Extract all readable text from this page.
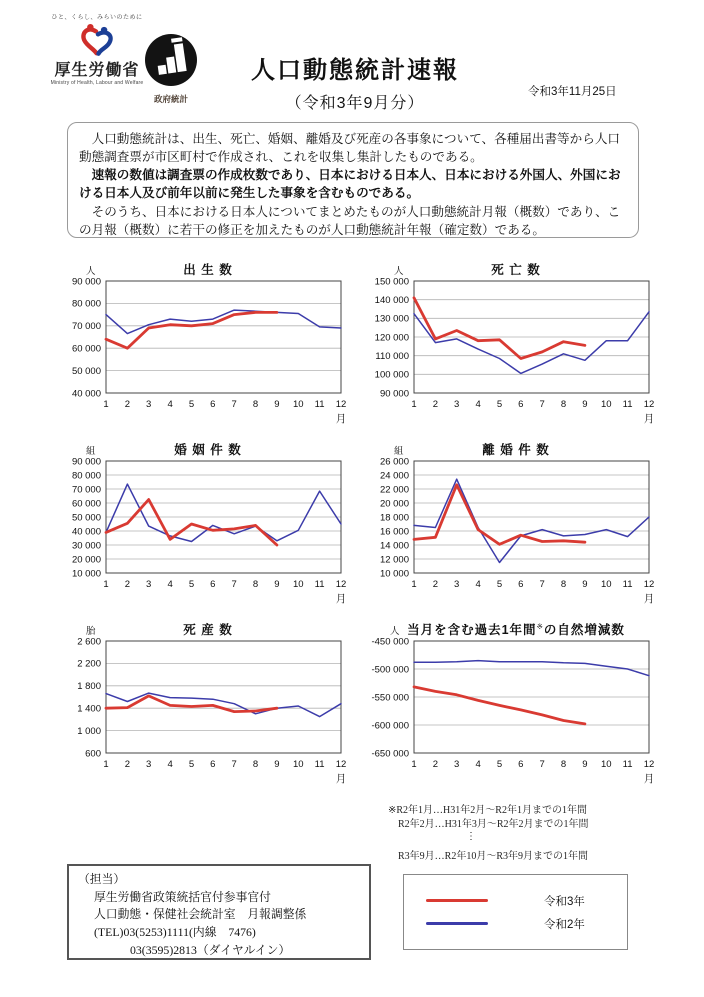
ひと、くらし、みらいのために
厚生労働省
Ministry of Health, Labour and Welfare
政府統計
人口動態統計速報
（令和3年9月分）
令和3年11月25日

　人口動態統計は、出生、死亡、婚姻、離婚及び死産の各事象について、各種届出書等から人口動態調査票が市区町村で作成され、これを収集し集計したものである。

　速報の数値は調査票の作成枚数であり、日本における日本人、日本における外国人、外国における日本人及び前年以前に発生した事象を含むものである。

　そのうち、日本における日本人についてまとめたものが人口動態統計月報（概数）であり、この月報（概数）に若干の修正を加えたものが人口動態統計年報（確定数）である。

人	出 生 数
40 000
50 000
60 000
70 000
80 000
90 000
1 2 3 4 5 6 7 8 9 10 11 12
月
人	死 亡 数
90 000
100 000
110 000
120 000
130 000
140 000
150 000
1 2 3 4 5 6 7 8 9 10 11 12
月
組	婚 姻 件 数
10 000
20 000
30 000
40 000
50 000
60 000
70 000
80 000
90 000
1 2 3 4 5 6 7 8 9 10 11 12
月
組	離 婚 件 数
10 000
12 000
14 000
16 000
18 000
20 000
22 000
24 000
26 000
1 2 3 4 5 6 7 8 9 10 11 12
月
胎	死 産 数
600
1 000
1 400
1 800
2 200
2 600
1 2 3 4 5 6 7 8 9 10 11 12
月
人 当月を含む過去1年間※の自然増減数
-650 000
-600 000
-550 000
-500 000
-450 000
1 2 3 4 5 6 7 8 9 10 11 12
月
※R2年1月…H31年2月～R2年1月までの1年間
R2年2月…H31年3月～R2年2月までの1年間
⋮
R3年9月…R2年10月～R3年9月までの1年間
（担当）
厚生労働省政策統括官付参事官付
人口動態・保健社会統計室　月報調整係
(TEL)03(5253)1111(内線　7476)
03(3595)2813（ダイヤルイン）
令和3年
令和2年
